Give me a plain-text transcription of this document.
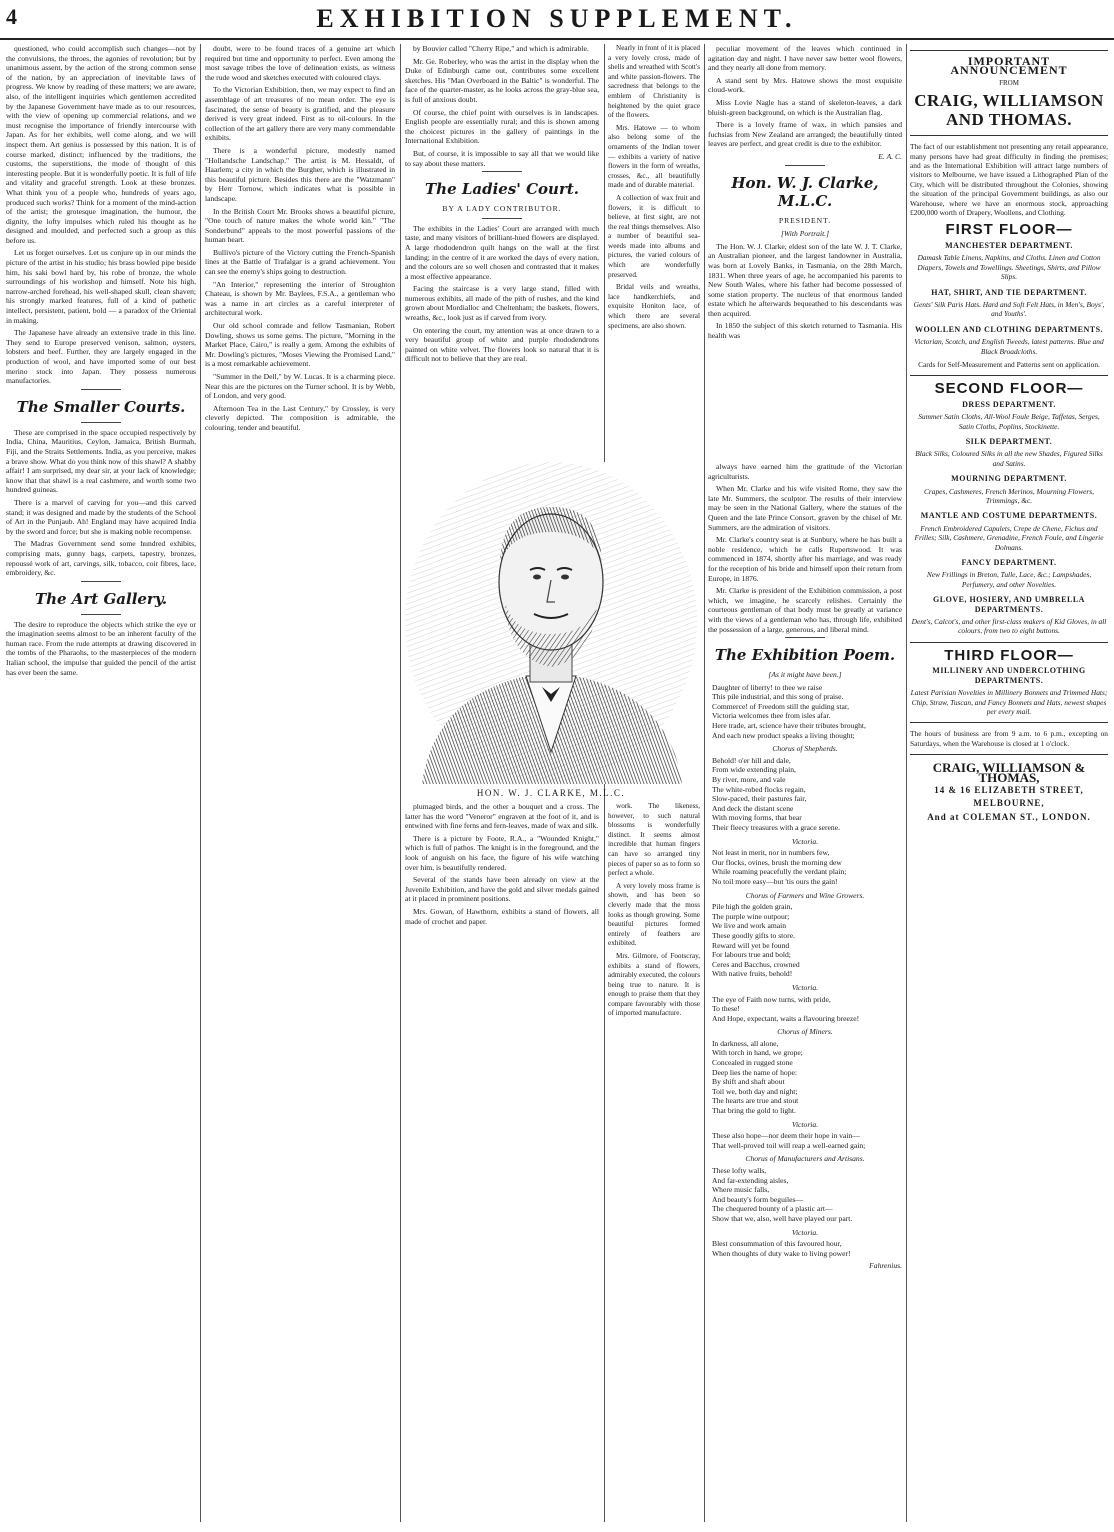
4	EXHIBITION SUPPLEMENT.

questioned, who could accomplish such changes—not by the convulsions, the throes, the agonies of revolution; but by unanimous assent, by the action of the strong common sense of the nation, by an appreciation of inevitable laws of progress. We know by reading of these matters; we are aware, also, of the intelligent inquiries which gentlemen accredited by the Japanese Government have made as to our resources, with the view of opening up commercial relations, and we must recognise the importance of friendly intercourse with Japan. As for her exhibits, well come along, and we will inspect them. Art genius is possessed by this nation. It is of course marked, distinct; influenced by the traditions, the customs, the superstitions, the mode of thought of this interesting people. But it is wonderfully poetic. It is full of life and vitality and graceful strength. Look at these bronzes. What think you of a people who, hundreds of years ago, produced such works? Think for a moment of the mind-action of the artist; the grotesque imagination, the humour, the dignity, the lofty impulses which ruled his thought as he designed and moulded, and perfected such a group as this before us.

Let us forget ourselves. Let us conjure up in our minds the picture of the artist in his studio; his brass bowled pipe beside him, his saki bowl hard by, his robe of bronze, the whole surroundings of his workshop and himself. Note his high, narrow-arched forehead, his well-shaped skull, clean shaven; his strongly marked features, full of a kind of pathetic intellect, persistent, patient, bold — a paradox of the Oriental in making.

The Japanese have already an extensive trade in this line. They send to Europe preserved venison, salmon, oysters, lobsters and beef. Further, they are largely engaged in the production of wool, and have imported some of our best merino stock into Japan. They possess numerous manufactories.

The Smaller Courts.

These are comprised in the space occupied respectively by India, China, Mauritius, Ceylon, Jamaica, British Burmah, Fiji, and the Straits Settlements. India, as you perceive, makes a brave show. What do you think now of this shawl? A shabby affair! I am surprised, my dear sir, at your lack of knowledge; know that that shawl is a real cashmere, and worth some two hundred guineas.

There is a marvel of carving for you—and this carved stand; it was designed and made by the students of the School of Art in the Punjaub. Ah! England may have acquired India by the sword and force; but she is making noble recompense.

The Madras Government send some hundred exhibits, comprising mats, gunny bags, carpets, tapestry, bronzes, repoussé work of art, carvings, silk, tobacco, coir fibres, lace, embroidery, &c.

The Art Gallery.

The desire to reproduce the objects which strike the eye or the imagination seems almost to be an inherent faculty of the human race. From the rude attempts at drawing discovered in the tombs of the Pharaohs, to the masterpieces of the modern Italian school, the impulse that guided the pencil of the artist has ever been the same.

doubt, were to be found traces of a genuine art which required but time and opportunity to perfect. Even among the most savage tribes the love of delineation exists, as witness the rude wood and sketches executed with coloured clays.

To the Victorian Exhibition, then, we may expect to find an assemblage of art treasures of no mean order. The eye is fascinated, the sense of beauty is gratified, and the pleasure derived is very great indeed. First as to oil-colours. In the collection of the art gallery there are very many commendable exhibits.

There is a wonderful picture, modestly named "Hollandsche Landschap." The artist is M. Hessaldt, of Haarlem; a city in which the Burgher, which is illustrated in this beautiful picture. Besides this there are the "Watzmann" by Herr Tornow, which indicates what is possible in landscape.

In the British Court Mr. Brooks shows a beautiful picture, "One touch of nature makes the whole world kin." "The Sonderbund" appeals to the most powerful passions of the human heart.

Bullivo's picture of the Victory cutting the French-Spanish lines at the Battle of Trafalgar is a grand achievement. You can see the enemy's ships going to destruction.

"An Interior," representing the interior of Stroughton Chateau, is shown by Mr. Baylees, F.S.A., a gentleman who was a name in art circles as a careful interpreter of architectural work.

Our old school comrade and fellow Tasmanian, Robert Dowling, shows us some gems. The picture, "Morning in the Market Place, Cairo," is really a gem. Among the exhibits of Mr. Dowling's pictures, "Moses Viewing the Promised Land," is a most remarkable achievement.

"Summer in the Dell," by W. Lucas. It is a charming piece. Near this are the pictures on the Turner school. It is by Webb, of London, and very good.

Afternoon Tea in the Last Century," by Crossley, is very cleverly depicted. The composition is admirable, the colouring, tender and beautiful.

by Bouvier called "Cherry Ripe," and which is admirable.

Mr. Ge. Roberley, who was the artist in the display when the Duke of Edinburgh came out, contributes some excellent sketches. His "Man Overboard in the Baltic" is wonderful. The face of the quarter-master, as he looks across the gray-blue sea, is full of anxious doubt.

Of course, the chief point with ourselves is in landscapes. English people are essentially rural; and this is shown among the choicest pictures in the gallery of paintings in the International Exhibition.

But, of course, it is impossible to say all that we would like to say about these matters.

The Ladies' Court.
BY A LADY CONTRIBUTOR.

The exhibits in the Ladies' Court are arranged with much taste, and many visitors of brilliant-hued flowers are displayed. A large rhododendron quilt hangs on the wall at the first landing; in the centre of it are worked the days of every nation, and the colours are so well chosen and contrasted that it makes a most effective appearance.

Facing the staircase is a very large stand, filled with numerous exhibits, all made of the pith of rushes, and the kind grown about Mordialloc and Cheltenham; the baskets, flowers, wreaths, &c., look just as if carved from ivory.

On entering the court, my attention was at once drawn to a very beautiful group of white and purple rhododendrons painted on white velvet. The flowers look so natural that it is difficult not to believe that they are real.

Nearly in front of it is placed a very lovely cross, made of shells and wreathed with Scott's and white passion-flowers. The sacredness that belongs to the emblem of Christianity is heightened by the quiet grace of the flowers.

Mrs. Hatowe — to whom also belong some of the ornaments of the Indian tower — exhibits a variety of native flowers in the form of wreaths, crosses, &c., all beautifully made and of durable material.

A collection of wax fruit and flowers, it is difficult to believe, at first sight, are not the real things themselves. Also a number of beautiful sea-weeds made into albums and pictures, the varied colours of which are wonderfully preserved.

Bridal veils and wreaths, lace handkerchiefs, and exquisite Honiton lace, of which there are several specimens, are also shown.

peculiar movement of the leaves which continued in agitation day and night. I have never saw better wool flowers, and they nearly all done from memory.

A stand sent by Mrs. Hatowe shows the most exquisite cloud-work.

Miss Lovie Nagle has a stand of skeleton-leaves, a dark bluish-green background, on which is the Australian flag.

There is a lovely frame of wax, in which pansies and fuchsias from New Zealand are arranged; the beautifully tinted leaves are perfect, and great credit is due to the exhibitor.

E. A. C.
Hon. W. J. Clarke, M.L.C.
PRESIDENT.
[With Portrait.]

The Hon. W. J. Clarke, eldest son of the late W. J. T. Clarke, an Australian pioneer, and the largest landowner in Australia, was born at Lovely Banks, in Tasmania, on the 28th March, 1831. When three years of age, he accompanied his parents to New South Wales, where his father had become possessed of some station property. The nucleus of that enormous landed estate which he afterwards bequeathed to his descendants was then acquired.

In 1850 the subject of this sketch returned to Tasmania. His health was

HON. W. J. CLARKE, M.L.C.

plumaged birds, and the other a bouquet and a cross. The latter has the word "Veneror" engraven at the foot of it, and is entwined with fine ferns and fern-leaves, made of wax and silk.

There is a picture by Foote, R.A., a "Wounded Knight," which is full of pathos. The knight is in the foreground, and the look of anguish on his face, the figure of his wife watching over him, is beautifully rendered.

Several of the stands have been already on view at the Juvenile Exhibition, and have the gold and silver medals gained at it placed in prominent positions.

Mrs. Gowan, of Hawthorn, exhibits a stand of flowers, all made of crochet and paper.

work. The likeness, however, to such natural blossoms is wonderfully distinct. It seems almost incredible that human fingers can have so arranged tiny pieces of paper so as to form so perfect a whole.

A very lovely moss frame is shown, and has been so cleverly made that the moss looks as though growing. Some beautiful pictures formed entirely of feathers are exhibited.

Mrs. Gilmore, of Footscray, exhibits a stand of flowers, admirably executed, the colours being true to nature. It is enough to praise them that they compare favourably with those of imported manufacture.

always have earned him the gratitude of the Victorian agriculturists.

When Mr. Clarke and his wife visited Rome, they saw the late Mr. Summers, the sculptor. The results of their interview may be seen in the National Gallery, where the statues of the Queen and the late Prince Consort, graven by the chisel of Mr. Summers, are the admiration of visitors.

Mr. Clarke's country seat is at Sunbury, where he has built a noble residence, which he calls Rupertswood. It was commenced in 1874, shortly after his marriage, and was ready for the reception of his bride and himself upon their return from Europe, in 1876.

Mr. Clarke is president of the Exhibition commission, a post which, we imagine, he scarcely relishes. Certainly the courteous gentleman of that body must be greatly at variance with the views of a gentleman who has, through life, exhibited the possession of a large, generous, and liberal mind.

The Exhibition Poem.
[As it might have been.]

Daughter of liberty! to thee we raise

This pile industrial, and this song of praise.

Commerce! of Freedom still the guiding star,

Victoria welcomes thee from isles afar.

Here trade, art, science have their tributes brought,

And each new product speaks a living thought;

Chorus of Shepherds.

Behold! o'er hill and dale,

From wide extending plain,

By river, more, and vale

The white-robed flocks regain,

Slow-paced, their pastures fair,

And deck the distant scene

With moving forms, that bear

Their fleecy treasures with a grace serene.

Victoria.

Not least in merit, nor in numbers few,

Our flocks, ovines, brush the morning dew

While roaming peacefully the verdant plain;

No toil more easy—but 'tis ours the gain!

Chorus of Farmers and Wine Growers.

Pile high the golden grain,

The purple wine outpour;

We live and work amain

These goodly gifts to store.

Reward will yet be found

For labours true and bold;

Ceres and Bacchus, crowned

With native fruits, behold!

Victoria.

The eye of Faith now turns, with pride,

To these!

And Hope, expectant, waits a flavouring breeze!

Chorus of Miners.

In darkness, all alone,

With torch in hand, we grope;

Concealed in rugged stone

Deep lies the name of hope:

By shift and shaft about

Toil we, both day and night;

The hearts are true and stout

That bring the gold to light.

Victoria.

These also hope—nor deem their hope in vain—

That well-proved toil will reap a well-earned gain;

Chorus of Manufacturers and Artisans.

These lofty walls,

And far-extending aisles,

Where music falls,

And beauty's form beguiles—

The chequered bounty of a plastic art—

Show that we, also, well have played our part.

Victoria.

Blest consummation of this favoured hour,

When thoughts of duty wake to living power!

Fahrenius.
IMPORTANT ANNOUNCEMENT
FROM
CRAIG, WILLIAMSON AND THOMAS.
The fact of our establishment not presenting any retail appearance, many persons have had great difficulty in finding the premises; and as the International Exhibition will attract large numbers of visitors to Melbourne, we have issued a Lithographed Plan of the City, which will be distributed throughout the Colonies, showing the situation of the principal Government buildings, as also our Warehouse, where we have an enormous stock, approaching £200,000 worth of Drapery, Woollens, and Clothing.
FIRST FLOOR—
MANCHESTER DEPARTMENT.
Damask Table Linens, Napkins, and Cloths. Linen and Cotton Diapers, Towels and Towellings. Sheetings, Shirts, and Pillow Slips.
HAT, SHIRT, AND TIE DEPARTMENT.
Gents' Silk Paris Hats. Hard and Soft Felt Hats, in Men's, Boys', and Youths'.
WOOLLEN AND CLOTHING DEPARTMENTS.
Victorian, Scotch, and English Tweeds, latest patterns. Blue and Black Broadcloths.
Cards for Self-Measurement and Patterns sent on application.
SECOND FLOOR—
DRESS DEPARTMENT.
Summer Satin Cloths, All-Wool Foule Beige, Taffetas, Serges, Satin Cloths, Poplins, Stockinette.
SILK DEPARTMENT.
Black Silks, Coloured Silks in all the new Shades, Figured Silks and Satins.
MOURNING DEPARTMENT.
Crapes, Cashmeres, French Merinos, Mourning Flowers, Trimmings, &c.
MANTLE AND COSTUME DEPARTMENTS.
French Embroidered Capulets, Crepe de Chene, Fichus and Frilles; Silk, Cashmere, Grenadine, French Foule, and Lingerie Dolmans.
FANCY DEPARTMENT.
New Frillings in Breton, Tulle, Lace, &c.; Lampshades, Perfumery, and other Novelties.
GLOVE, HOSIERY, AND UMBRELLA DEPARTMENTS.
Dent's, Calcot's, and other first-class makers of Kid Gloves, in all colours, from two to eight buttons.
THIRD FLOOR—
MILLINERY AND UNDERCLOTHING DEPARTMENTS.
Latest Parisian Novelties in Millinery Bonnets and Trimmed Hats; Chip, Straw, Tuscan, and Fancy Bonnets and Hats, newest shapes per every mail.
The hours of business are from 9 a.m. to 6 p.m., excepting on Saturdays, when the Warehouse is closed at 1 o'clock.
CRAIG, WILLIAMSON & THOMAS,
14 & 16 ELIZABETH STREET,
MELBOURNE,
And at COLEMAN ST., LONDON.
